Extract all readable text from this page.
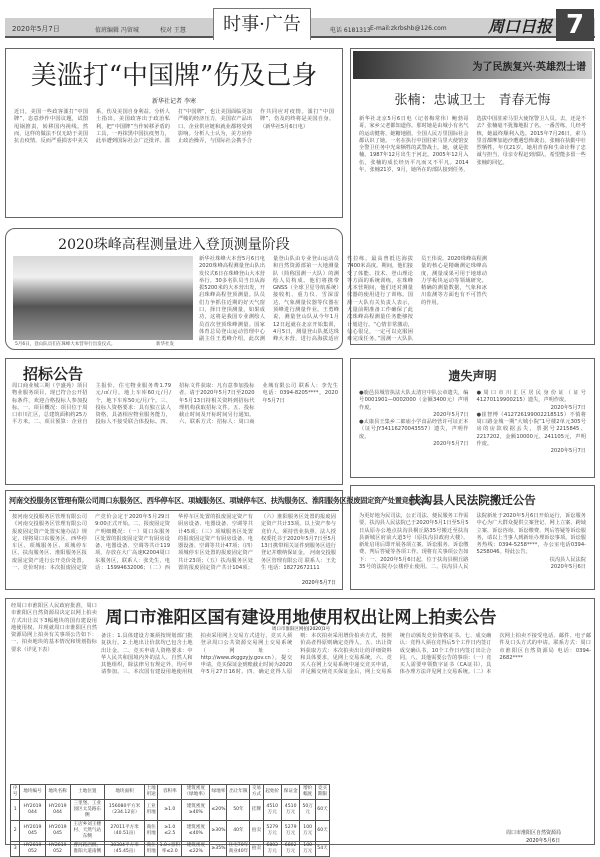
2020年5月7日	值班编辑 冯留城	校对 王慧	时事·广告	电话 6181313 E-mail:zkrbshb@126.com	周口日报 7
美滥打“中国牌”伤及己身
新华社记者 李寒
近日，美国一些政客滥打“中国牌”，恣意炒作中国议题，试图甩锅推责，转移国内视线。然而，这样的做法不仅无助于美国抗击疫情，反而严重损害中美关系，伤及美国自身利益。分析人士指出，美国政客出于政治私利，把“中国牌”当作转移矛盾的工具，一再抹黑中国抗疫努力，此举遭到国际社会广泛批评。滥打“中国牌”，也让美国面临更加严峻的经济压力，美国农产品出口、企业供应链和就业都将受到影响。分析人士认为，美方应停止政治操弄，与国际社会携手合作共同应对疫情。滥打“中国牌”，伤及的终将是美国自身。（新华社5月6日电）
为了民族复兴·英雄烈士谱
张楠：忠诚卫士　青春无悔
新华社北京5月6日电（记者梅常伟）鲍勃哥哥，家乡父老都知道你。那时她是由城小有名气的运动健将，她糖地剧，全国人民万里国际社会都认识了她。一名在执行中国驻索马里大使馆安全警卫任务中光荣牺牲的武警战士。她，就是张楠。1987年12月出生于河北。2005年12月入伍，张楠的成长经历平凡而又不平凡。2014年，张楠21岁，9月，她所在的部队接到任务，选拔中国驻索马里大使馆警卫人员。去，还是不去？张楠毫不犹豫地报了名。一番苦练，几经考核，她最终顺利入选。2015年7月26日，索马里首都摩加迪沙遭遇恐怖袭击，张楠在执勤中壮烈牺牲，年仅21岁。她用青春和生命诠释了忠诚与担当，母亲专程赶到部队，希望能多留一些张楠的回忆。
2020珠峰高程测量进入登顶测量阶段
5月6日，登山队员们在珠峰大本营举行出发仪式。	新华社发
新华社珠峰大本营5月6日电 2020珠峰高程测量登山队出发仪式6日在珠峰登山大本营举行。30多名队员当日从海拔5200米的大本营出发，开启珠峰高程登顶测量。队员们力争抓住近期的好天气窗口，择日登顶测量，如果成功，这将是我国专业测绘人员首次登顶珠峰测量。国家体育总局登山运动管理中心副主任王勇峰介绍，此次测量登山队由专业登山运动员和自然资源部第一大地测量队（简称国测一大队）的测绘人员构成。他们将携带GNSS（全球卫星导航系统）接收机、重力仪、雪深雷达、气象测量仪器等仪器在顶峰进行测量作业。王勇峰说，测量登山队从今年1月12日起就在北京开始集训，4月5日，测量登山队抵达珠峰大本营，进行高海拔适应性拉练。最高曾抵达海拔7400米高度。期间，他们接受了体能、技术、登山理论等方面的系统训练，在珠峰大本营期间，他们还对测量仪器的使用进行了训练。国测一大队有关负责人表示，大量前期准备工作确保了此次珠峰高程测量任务能够按计划进行。“心情非常激动，信心很足，一定可以克服困难完成任务。”国测一大队队员王伟说。2020珠峰高程测量的核心是精确测定珠峰高度，测量成果可用于地球动力学板块运动等领域研究。精确的测量数据，气象和冰川监测等方面也有不可替代的作用。
招标公告
周口商业城三期（亨盛苑）项目物业服务项目，现已符合公开招标条件，欢迎合格投标人参加投标。一、项目概况：项目位于周口市川汇区，总建筑面积约25万平方米。二、项目预算：企业自主报价，住宅物业服务费1.79元/㎡/月，地上车库60元/月/个，地下车库50元/月/个。三、投标人资格要求：具有独立法人资格，具备相应物业服务能力，投标人不接受联合体投标。四、招标文件获取：凡有意参加投标者，请于2020年5月7日至2020年5月13日持相关资料到招标代理机构获取招标文件。五、投标截止时间及开标时间另行通知。六、联系方式：招标人：周口商业城有限公司 联系人：李先生 电话：0394-8205****。2020年5月7日
遗失声明

●鹿邑县城管执法大队太清宫中队公章遗失，编号0001901—0002000（金额3400元）声明作废。

2020年5月7日

●太康县王集乡二郎庙小学食品经营许可证正本（证号JY34116270043557）遗失，声明作废。

2020年5月7日

●周口市川汇区居民身份证（证号41270119900215）遗失，声明作废。

2020年5月7日

●崔智博（412726199002218515）不慎将周口路金城一期“大城小院”1号楼2单元305号房的房款收据丢失，票据号2215845、2217202，金额10000元、241105元，声明作废。

2020年5月7日

河南交投服务区管理有限公司周口东服务区、西华停车区、项城服务区、项城停车区、扶沟服务区、淮阳服务区报废固定资产处置竞价公告
按河南交投服务区管理有限公司《河南交投服务区管理有限公司报废固定资产处置实施办法》规定，现将周口东服务区、西华停车区、项城服务区、项城停车区、扶沟服务区、淮阳服务区报废固定资产进行公开竞价处置。一、竞价时间：本次报废固定资产竞价会定于2020年5月29日9:00正式开始。二、报废固定资产明细概况：（一）周口东服务区处置的报废固定资产有厨房设备、电器设备、空调等共计119项，存放在大广高速K2004周口东服务区，联系人：张先生，电话：15994632006；（二）西华停车区处置的报废固定资产有厨房设备、电器设备、空调等共计45项；（三）项城服务区处置的报废固定资产有厨房设备、电器设备、空调等共计47项；（四）项城停车区处置的报废固定资产共计23项；（五）扶沟服务区处置的报废固定资产共计104项；（六）淮阳服务区处置的报废固定资产共计33项。以上资产参与竞价人，须持营业执照、法人授权委托书于2020年5月7日至5月13日携带相关证件到服务区进行登记并缴纳保证金。 河南交投服务区管理有限公司 联系人：王先生 电话：18272672111
2020年5月7日
扶沟县人民法院搬迁公告
为更好地为民司法，公正司法、便民服务工作需要，扶沟县人民法院已于2020年5月1日至5月5日从原办公地点扶沟县桐丘路35号搬迁至扶沟县新城区府前大道3号（原扶沟县政府大楼）。新址启用后即开展各项立案、诉讼服务、诉讼缴费、判后答疑等各项工作。现将有关事项公告如下：一、2020年5月6日起，位于扶沟县桐丘路35号的法院办公楼停止使用。二、扶沟县人民法院新址于2020年5月6日开始运行，诉讼服务中心为广大群众提供立案登记、网上立案、跨域立案、诉讼咨询、诉讼缴费、判后答疑等诉讼服务，请以上当事人到新址办理诉讼事项。诉讼服务热线：0394-5258****，办公室电话0394-5258046。特此公告。

扶沟县人民法院
2020年5月6日
经周口市淮阳区人民政府批准，周口市淮阳区自然资源局决定以网上拍卖方式出让以下3幅地块的国有建设用地使用权，并现就周口市淮阳区自然资源局网上拍卖有关事项公告如下：一、拍卖地块的基本情况和规划指标要求（详见下表）
周口市淮阳区国有建设用地使用权出让网上拍卖公告
周口市淮阳区网拍[2020]1号
备注：1.具体建设方案须按规划部门批复执行。2.土地出让价款均已包含土地出让金。二、竞买申请人资格要求：中华人民共和国境内外的法人、自然人和其他组织，除法律另有规定外，均可申请参加。三、本次国有建设用地使用权拍卖采用网上交易方式进行，竞买人须登录周口公共资源交易网上交易系统（网址：http://www.zkggzyjy.gov.cn），提交申请。竞买保证金到账截止时间为2020年5月27日16时。四、确定竞得人原则：本次拍卖采用增价拍卖方式，按照价高者得原则确定竞得人。五、出让资料获取方式：本次拍卖出让的详细资料和具体要求，见网上交易系统。六、竞买人在网上交易系统中递交竞买申请，并足额交纳竞买保证金后，网上交易系统自动颁发竞价资格证书。七、成交确认：竞得人须在竞得后5个工作日内签订成交确认书，10个工作日内签订出让合同。八、其他需要公告的事项：（一）竞买人需要申领数字证书（CA证书），具体办理方法详见网上交易系统。（二）本次网上拍卖不接受电话、邮件、电子邮件及口头方式的申请。联系方式：周口市淮阳区自然资源局 电话：0394-2682****
周口市淮阳区自然资源局
2020年5月6日
序号	地块编号	地块名称	土地位置	地块面积	土地用途	容积率	建筑密度（绿地率）	绿地率	出让年限	交易方式	起始价	保证金	增价幅度	竞买期限
1	HY2019 044	HY2019 044	三里堡、工业园区太昊路东侧	156080平方米（234.12亩）	工业用地	≥1.0	建筑密度≥40%	≤20%	50年	挂牌	4510万元	4510万元	50万元	60天
2	HY2019 045	HY2019 045	王店乡刘王楼村、天然气站东侧	27011平方米（40.51亩）	商住用地	≥1.0 ≤2.5	建筑密度≤40%	≥30%	40年	拍卖	5279万元	5279万元	100万元	60天
3	HY2019 052	HY2019 052	曹河路西侧、淮阳大道南侧	30304平方米（45.45亩）	商住用地	1.0<容积率≤2.0	建筑密度≤22%	≥35%	住宅70年 商业40年	拍卖	6802万元	6802万元	100万元	54天
